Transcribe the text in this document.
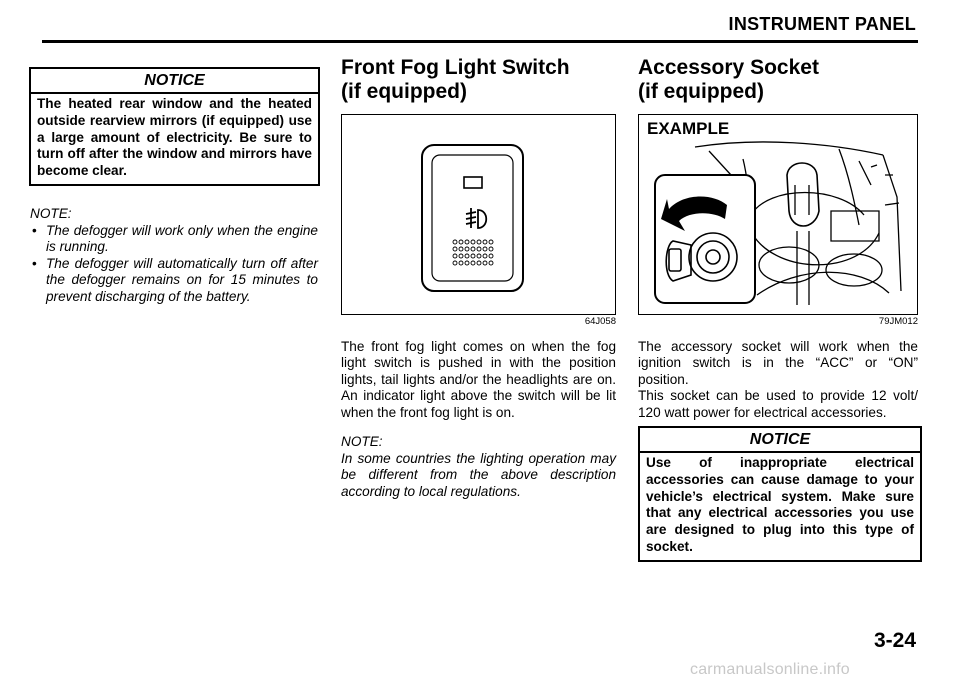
INSTRUMENT PANEL
NOTICE
The heated rear window and the heated outside rearview mirrors (if equipped) use a large amount of electricity. Be sure to turn off after the window and mirrors have become clear.
NOTE:
• The defogger will work only when the engine is running.
• The defogger will automatically turn off after the defogger remains on for 15 minutes to prevent discharging of the battery.
Front Fog Light Switch
(if equipped)
64J058

The front fog light comes on when the fog light switch is pushed in with the position lights, tail lights and/or the headlights are on. An indicator light above the switch will be lit when the front fog light is on.

NOTE:
In some countries the lighting operation may be different from the above description according to local regulations.
Accessory Socket
(if equipped)
EXAMPLE
79JM012

The accessory socket will work when the ignition switch is in the “ACC” or “ON” position.

This socket can be used to provide 12 volt/ 120 watt power for electrical accessories.

NOTICE
Use of inappropriate electrical accessories can cause damage to your vehicle’s electrical system. Make sure that any electrical accessories you use are designed to plug into this type of socket.
3-24
carmanualsonline.info
